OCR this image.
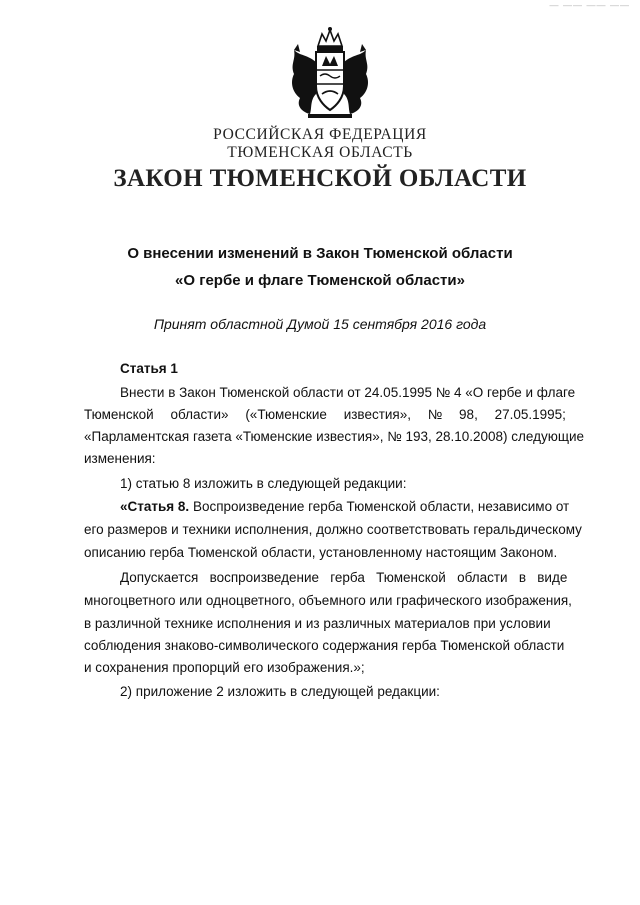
— —— —— ——
РОССИЙСКАЯ ФЕДЕРАЦИЯ
ТЮМЕНСКАЯ ОБЛАСТЬ
ЗАКОН ТЮМЕНСКОЙ ОБЛАСТИ
О внесении изменений в Закон Тюменской области
«О гербе и флаге Тюменской области»
Принят областной Думой 15 сентября 2016 года
Статья 1
Внести в Закон Тюменской области от 24.05.1995 № 4 «О гербе и флаге
Тюменской области» («Тюменские известия», № 98, 27.05.1995;
«Парламентская газета «Тюменские известия», № 193, 28.10.2008) следующие
изменения:
1) статью 8 изложить в следующей редакции:
«Статья 8. Воспроизведение герба Тюменской области, независимо от
его размеров и техники исполнения, должно соответствовать геральдическому
описанию герба Тюменской области, установленному настоящим Законом.
Допускается   воспроизведение   герба   Тюменской   области   в   виде
многоцветного или одноцветного, объемного или графического изображения,
в различной технике исполнения и из различных материалов при условии
соблюдения знаково-символического содержания герба Тюменской области
и сохранения пропорций его изображения.»;
2) приложение 2 изложить в следующей редакции:
